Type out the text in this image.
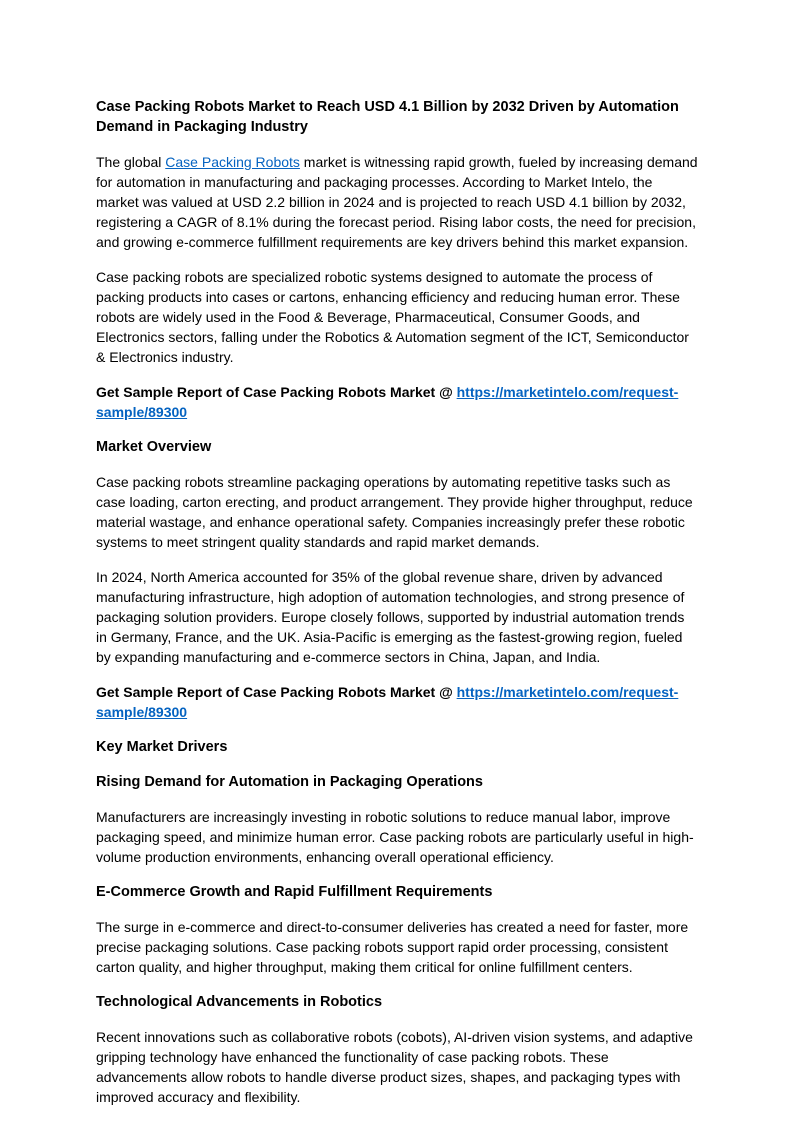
Case Packing Robots Market to Reach USD 4.1 Billion by 2032 Driven by Automation Demand in Packaging Industry

The global Case Packing Robots market is witnessing rapid growth, fueled by increasing demand for automation in manufacturing and packaging processes. According to Market Intelo, the market was valued at USD 2.2 billion in 2024 and is projected to reach USD 4.1 billion by 2032, registering a CAGR of 8.1% during the forecast period. Rising labor costs, the need for precision, and growing e-commerce fulfillment requirements are key drivers behind this market expansion.

Case packing robots are specialized robotic systems designed to automate the process of packing products into cases or cartons, enhancing efficiency and reducing human error. These robots are widely used in the Food & Beverage, Pharmaceutical, Consumer Goods, and Electronics sectors, falling under the Robotics & Automation segment of the ICT, Semiconductor & Electronics industry.

Get Sample Report of Case Packing Robots Market @ https://marketintelo.com/request-sample/89300

Market Overview

Case packing robots streamline packaging operations by automating repetitive tasks such as case loading, carton erecting, and product arrangement. They provide higher throughput, reduce material wastage, and enhance operational safety. Companies increasingly prefer these robotic systems to meet stringent quality standards and rapid market demands.

In 2024, North America accounted for 35% of the global revenue share, driven by advanced manufacturing infrastructure, high adoption of automation technologies, and strong presence of packaging solution providers. Europe closely follows, supported by industrial automation trends in Germany, France, and the UK. Asia-Pacific is emerging as the fastest-growing region, fueled by expanding manufacturing and e-commerce sectors in China, Japan, and India.

Get Sample Report of Case Packing Robots Market @ https://marketintelo.com/request-sample/89300

Key Market Drivers
Rising Demand for Automation in Packaging Operations

Manufacturers are increasingly investing in robotic solutions to reduce manual labor, improve packaging speed, and minimize human error. Case packing robots are particularly useful in high-volume production environments, enhancing overall operational efficiency.

E-Commerce Growth and Rapid Fulfillment Requirements

The surge in e-commerce and direct-to-consumer deliveries has created a need for faster, more precise packaging solutions. Case packing robots support rapid order processing, consistent carton quality, and higher throughput, making them critical for online fulfillment centers.

Technological Advancements in Robotics

Recent innovations such as collaborative robots (cobots), AI-driven vision systems, and adaptive gripping technology have enhanced the functionality of case packing robots. These advancements allow robots to handle diverse product sizes, shapes, and packaging types with improved accuracy and flexibility.
